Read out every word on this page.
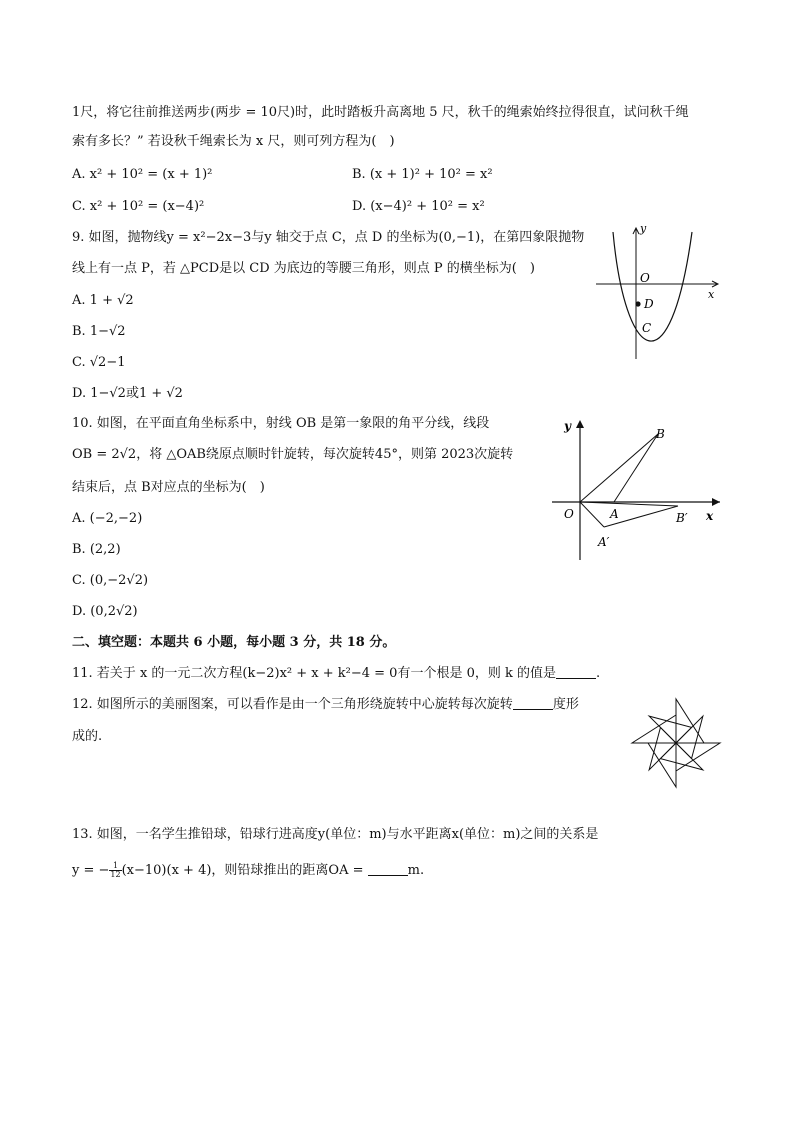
1尺，将它往前推送两步(两步 = 10尺)时，此时踏板升高离地 5 尺，秋千的绳索始终拉得很直，试问秋千绳
索有多长？” 若设秋千绳索长为 x 尺，则可列方程为(　)
A. x² + 10² = (x + 1)²	B. (x + 1)² + 10² = x²
C. x² + 10² = (x−4)²	D. (x−4)² + 10² = x²
9. 如图，抛物线y = x²−2x−3与y 轴交于点 C，点 D 的坐标为(0,−1)，在第四象限抛物
线上有一点 P，若 △PCD是以 CD 为底边的等腰三角形，则点 P 的横坐标为(　)
A. 1 + √2
B. 1−√2
C. √2−1
D. 1−√2或1 + √2
y
x
O
D
C
10. 如图，在平面直角坐标系中，射线 OB 是第一象限的角平分线，线段
OB = 2√2，将 △OAB绕原点顺时针旋转，每次旋转45°，则第 2023次旋转
结束后，点 B对应点的坐标为(　)
A. (−2,−2)
B. (2,2)
C. (0,−2√2)
D. (0,2√2)
y
x
O	A
B
A′
B′
二、填空题：本题共 6 小题，每小题 3 分，共 18 分。
11. 若关于 x 的一元二次方程(k−2)x² + x + k²−4 = 0有一个根是 0，则 k 的值是	.
12. 如图所示的美丽图案，可以看作是由一个三角形绕旋转中心旋转每次旋转	度形
成的.
13. 如图，一名学生推铅球，铅球行进高度y(单位：m)与水平距离x(单位：m)之间的关系是
y = − $\frac{1}{12} (x-10)(x + 4)$，则铅球推出的距离OA =	m.
